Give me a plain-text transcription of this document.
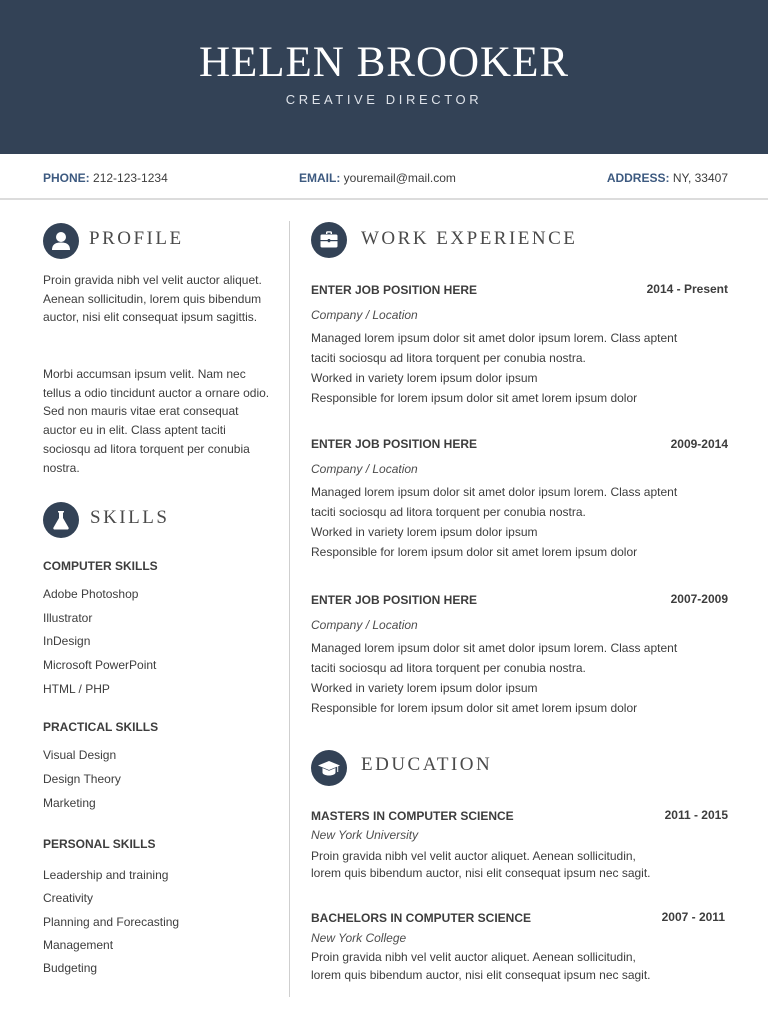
HELEN BROOKER
CREATIVE DIRECTOR
PHONE: 212-123-1234	EMAIL: youremail@mail.com	ADDRESS: NY, 33407
PROFILE
Proin gravida nibh vel velit auctor aliquet. Aenean sollicitudin, lorem quis bibendum auctor, nisi elit consequat ipsum sagittis.
Morbi accumsan ipsum velit. Nam nec tellus a odio tincidunt auctor a ornare odio. Sed non mauris vitae erat consequat auctor eu in elit. Class aptent taciti sociosqu ad litora torquent per conubia nostra.
SKILLS
COMPUTER SKILLS
Adobe Photoshop
Illustrator
InDesign
Microsoft PowerPoint
HTML / PHP
PRACTICAL SKILLS
Visual Design
Design Theory
Marketing
PERSONAL SKILLS
Leadership and training
Creativity
Planning and Forecasting
Management
Budgeting
WORK EXPERIENCE
ENTER JOB POSITION HERE	2014 - Present
Company / Location
Managed lorem ipsum dolor sit amet dolor ipsum lorem. Class aptent
taciti sociosqu ad litora torquent per conubia nostra.
Worked in variety lorem ipsum dolor ipsum
Responsible for lorem ipsum dolor sit amet lorem ipsum dolor
ENTER JOB POSITION HERE	2009-2014
Company / Location
Managed lorem ipsum dolor sit amet dolor ipsum lorem. Class aptent
taciti sociosqu ad litora torquent per conubia nostra.
Worked in variety lorem ipsum dolor ipsum
Responsible for lorem ipsum dolor sit amet lorem ipsum dolor
ENTER JOB POSITION HERE	2007-2009
Company / Location
Managed lorem ipsum dolor sit amet dolor ipsum lorem. Class aptent
taciti sociosqu ad litora torquent per conubia nostra.
Worked in variety lorem ipsum dolor ipsum
Responsible for lorem ipsum dolor sit amet lorem ipsum dolor
EDUCATION
MASTERS IN COMPUTER SCIENCE	2011 - 2015
New York University
Proin gravida nibh vel velit auctor aliquet. Aenean sollicitudin,
lorem quis bibendum auctor, nisi elit consequat ipsum nec sagit.
BACHELORS IN COMPUTER SCIENCE	2007 - 2011
New York College
Proin gravida nibh vel velit auctor aliquet. Aenean sollicitudin,
lorem quis bibendum auctor, nisi elit consequat ipsum nec sagit.
